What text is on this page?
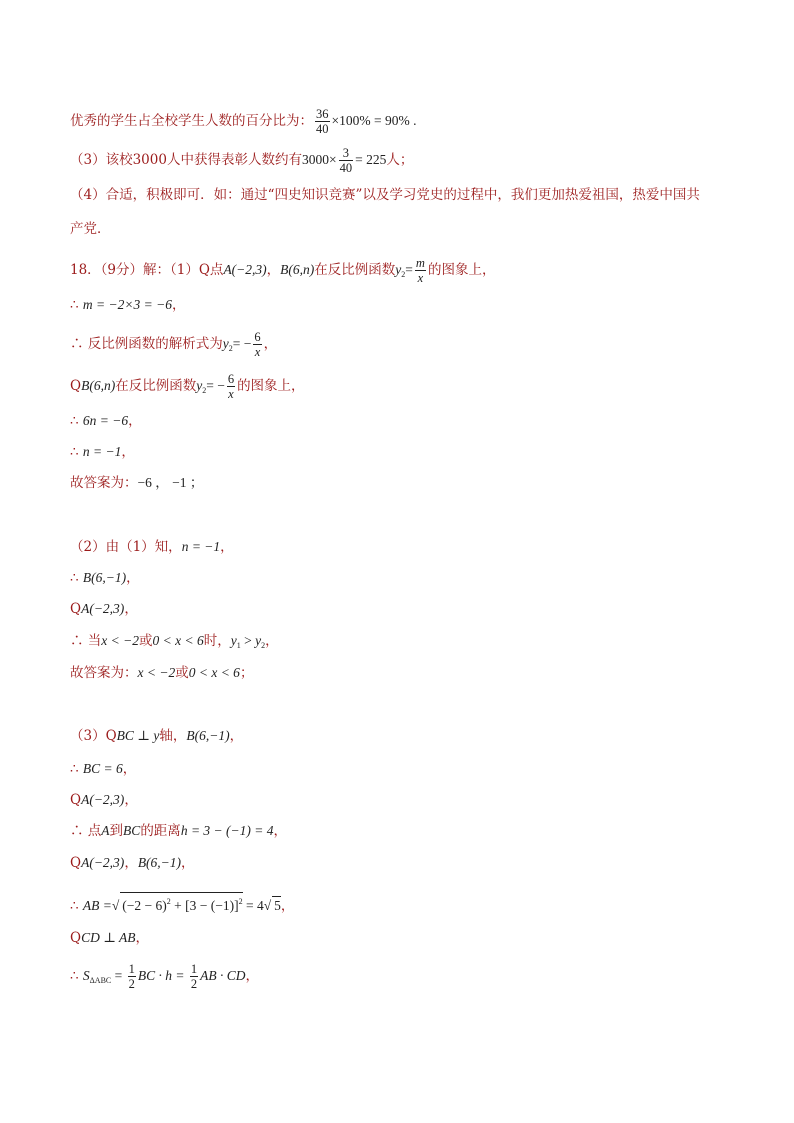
优秀的学生占全校学生人数的百分比为： $\frac{36}{40} \times 100\% = 90\%$ .
（3）该校3000人中获得表彰人数约有$3000\times \frac{3}{40} = 225$人；
（4）合适，积极即可．如：通过“四史知识竞赛”以及学习党史的过程中，我们更加热爱祖国，热爱中国共
产党．
18．（9分）解：（1）Q点A(−2,3)，B(6,n)在反比例函数$y_2= \frac{m}{x}$ 的图象上，
∴ m = −2×3 = −6，
∴ 反比例函数的解析式为$y_2= - \frac{6}{x}$ ，
QB(6,n)在反比例函数$y_2= - \frac{6}{x}$ 的图象上，
∴ 6n = −6，
∴ n = −1，
故答案为：−6 ， −1 ；
（2）由（1）知，n = −1，
∴ B(6,−1)，
QA(−2,3)，
∴ 当x < −2或0 < x < 6时，$y_1 > y_2$，
故答案为：x < −2或0 < x < 6；
（3）QBC ⊥ y轴，B(6,−1)，
∴ BC = 6，
QA(−2,3)，
∴ 点A到BC的距离h = 3 − (−1) = 4，
QA(−2,3)，B(6,−1)，
∴ AB =√ $(-2 - 6)^2 + [3 - (-1)]^2 = 4√$ 5，
QCD ⊥ AB，
∴ $S_{\Delta ABC} = \frac{1}{2}$ BC · $h = \frac{1}{2}$ AB · CD，
